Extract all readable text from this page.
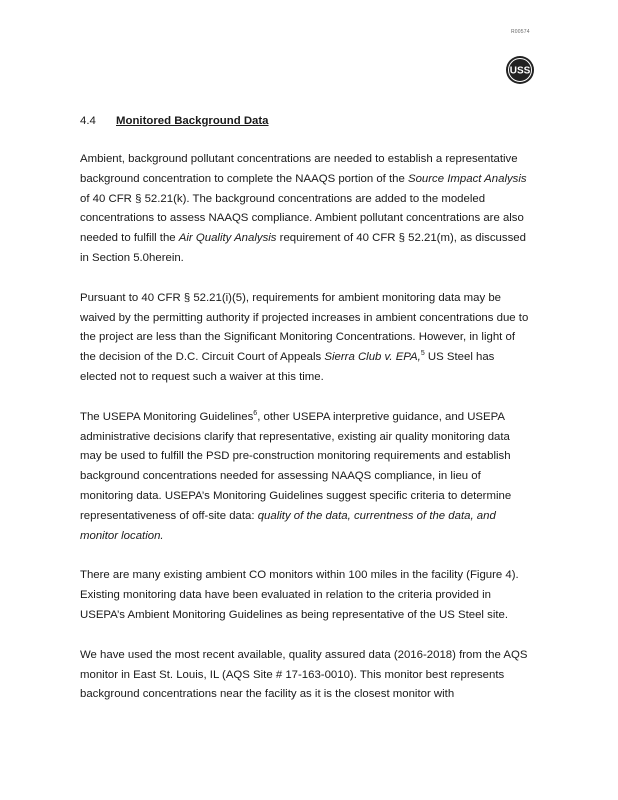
R00574
USS
4.4	Monitored Background Data

Ambient, background pollutant concentrations are needed to establish a representative background concentration to complete the NAAQS portion of the Source Impact Analysis of 40 CFR § 52.21(k). The background concentrations are added to the modeled concentrations to assess NAAQS compliance. Ambient pollutant concentrations are also needed to fulfill the Air Quality Analysis requirement of 40 CFR § 52.21(m), as discussed in Section 5.0herein.

Pursuant to 40 CFR § 52.21(i)(5), requirements for ambient monitoring data may be waived by the permitting authority if projected increases in ambient concentrations due to the project are less than the Significant Monitoring Concentrations. However, in light of the decision of the D.C. Circuit Court of Appeals Sierra Club v. EPA,$^5$ US Steel has elected not to request such a waiver at this time.

The USEPA Monitoring Guidelines$^6$, other USEPA interpretive guidance, and USEPA administrative decisions clarify that representative, existing air quality monitoring data may be used to fulfill the PSD pre-construction monitoring requirements and establish background concentrations needed for assessing NAAQS compliance, in lieu of monitoring data. USEPA’s Monitoring Guidelines suggest specific criteria to determine representativeness of off-site data: quality of the data, currentness of the data, and monitor location.

There are many existing ambient CO monitors within 100 miles in the facility (Figure 4). Existing monitoring data have been evaluated in relation to the criteria provided in USEPA’s Ambient Monitoring Guidelines as being representative of the US Steel site.

We have used the most recent available, quality assured data (2016-2018) from the AQS monitor in East St. Louis, IL (AQS Site # 17-163-0010). This monitor best represents background concentrations near the facility as it is the closest monitor with
